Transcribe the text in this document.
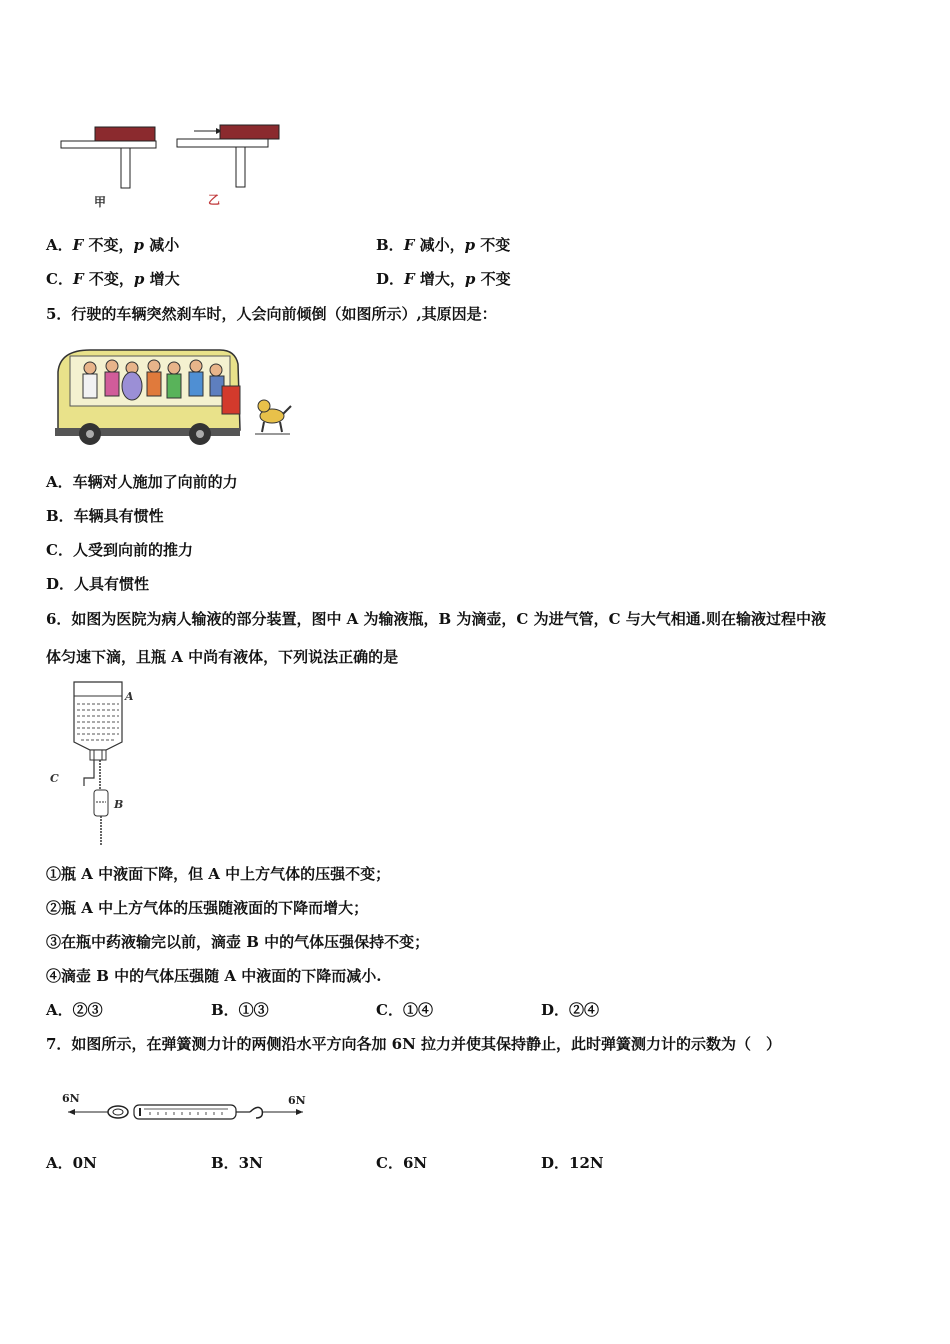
甲	乙
A．F 不变，p 减小	B．F 减小，p 不变
C．F 不变，p 增大	D．F 增大，p 不变
5．行驶的车辆突然刹车时，人会向前倾倒（如图所示）,其原因是：
A．车辆对人施加了向前的力
B．车辆具有惯性
C．人受到向前的推力
D．人具有惯性
6．如图为医院为病人输液的部分装置，图中 A 为输液瓶，B 为滴壶，C 为进气管，C 与大气相通.则在输液过程中液
体匀速下滴，且瓶 A 中尚有液体，下列说法正确的是
A
C
B
①瓶 A 中液面下降，但 A 中上方气体的压强不变；
②瓶 A 中上方气体的压强随液面的下降而增大；
③在瓶中药液输完以前，滴壶 B 中的气体压强保持不变；
④滴壶 B 中的气体压强随 A 中液面的下降而减小.
A．②③	B．①③	C．①④	D．②④
7．如图所示，在弹簧测力计的两侧沿水平方向各加 6N 拉力并使其保持静止，此时弹簧测力计的示数为（　）
6N	6N
A．0N	B．3N	C．6N	D．12N
